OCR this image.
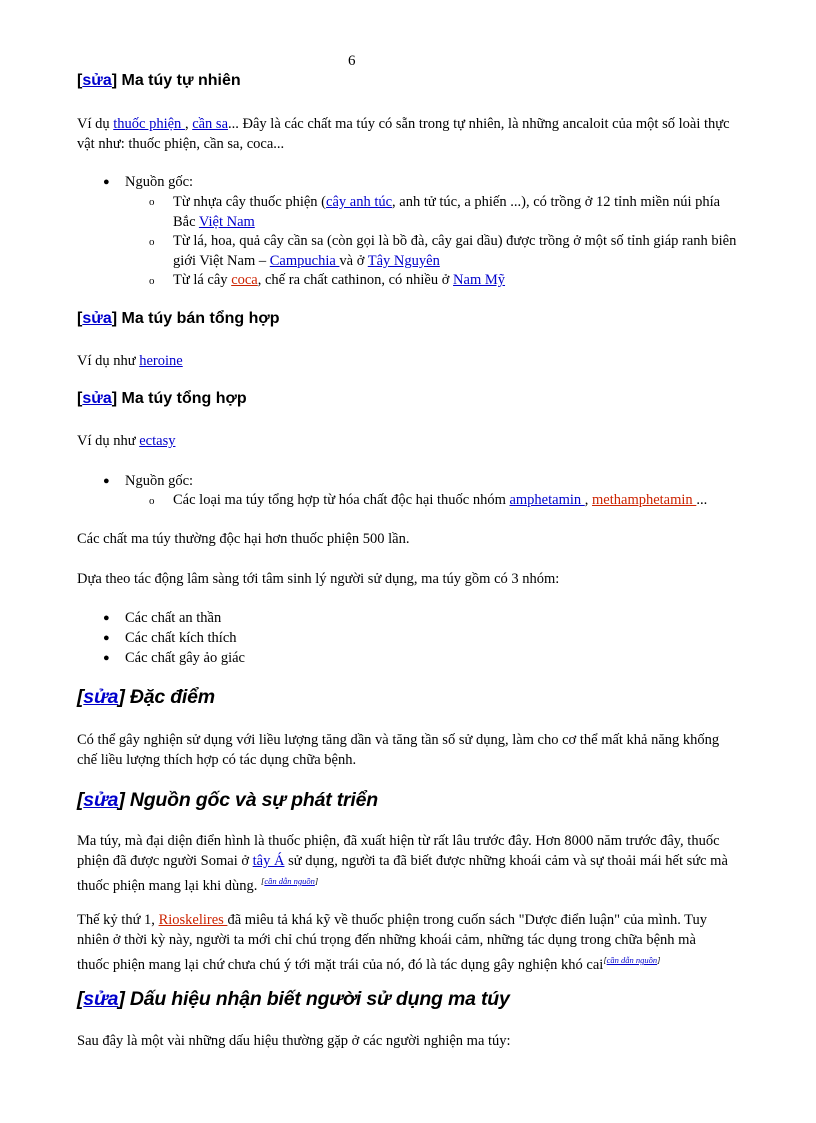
6
[sửa] Ma túy tự nhiên
Ví dụ thuốc phiện , cần sa... Đây là các chất ma túy có sẵn trong tự nhiên, là những ancaloit của một số loài thực
vật như: thuốc phiện, cần sa, coca...
● Nguồn gốc:
o Từ nhựa cây thuốc phiện (cây anh túc, anh tử túc, a phiến ...), có trồng ở 12 tỉnh miền núi phía
Bắc Việt Nam
o Từ lá, hoa, quả cây cần sa (còn gọi là bồ đà, cây gai dầu) được trồng ở một số tỉnh giáp ranh biên
giới Việt Nam – Campuchia và ở Tây Nguyên
o Từ lá cây coca, chế ra chất cathinon, có nhiều ở Nam Mỹ
[sửa] Ma túy bán tổng hợp
Ví dụ như heroine
[sửa] Ma túy tổng hợp
Ví dụ như ectasy
● Nguồn gốc:
o Các loại ma túy tổng hợp từ hóa chất độc hại thuốc nhóm amphetamin , methamphetamin ...
Các chất ma túy thường độc hại hơn thuốc phiện 500 lần.
Dựa theo tác động lâm sàng tới tâm sinh lý người sử dụng, ma túy gồm có 3 nhóm:
● Các chất an thần
● Các chất kích thích
● Các chất gây ảo giác
[sửa] Đặc điểm
Có thể gây nghiện sử dụng với liều lượng tăng dần và tăng tần số sử dụng, làm cho cơ thể mất khả năng khống
chế liều lượng thích hợp có tác dụng chữa bệnh.
[sửa] Nguồn gốc và sự phát triển
Ma túy, mà đại diện điển hình là thuốc phiện, đã xuất hiện từ rất lâu trước đây. Hơn 8000 năm trước đây, thuốc
phiện đã được người Somai ở tây Á sử dụng, người ta đã biết được những khoái cảm và sự thoải mái hết sức mà
thuốc phiện mang lại khi dùng. [cần dẫn nguồn]
Thế kỷ thứ 1, Rioskelires đã miêu tả khá kỹ về thuốc phiện trong cuốn sách "Dược điển luận" của mình. Tuy
nhiên ở thời kỳ này, người ta mới chỉ chú trọng đến những khoái cảm, những tác dụng trong chữa bệnh mà
thuốc phiện mang lại chứ chưa chú ý tới mặt trái của nó, đó là tác dụng gây nghiện khó cai[cần dẫn nguồn]
[sửa] Dấu hiệu nhận biết người sử dụng ma túy
Sau đây là một vài những dấu hiệu thường gặp ở các người nghiện ma túy:
